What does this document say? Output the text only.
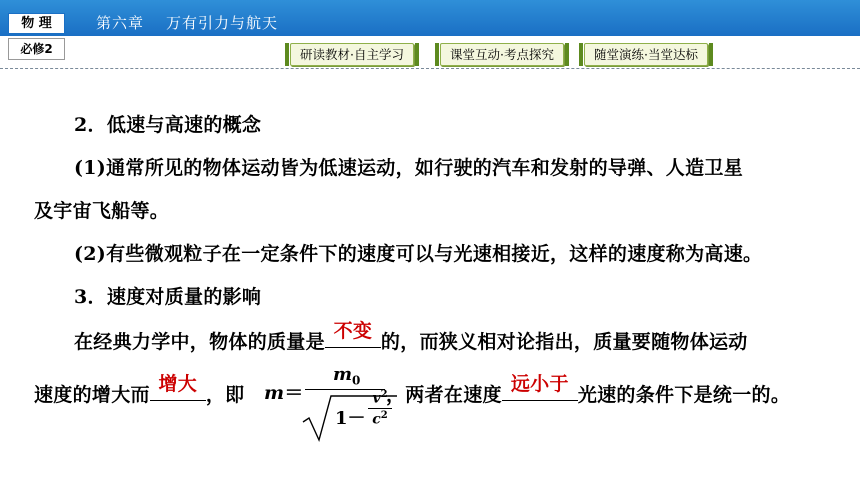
物 理	第六章 万有引力与航天
必修2	研读教材·自主学习	课堂互动·考点探究	随堂演练·当堂达标
2．低速与高速的概念
(1)通常所见的物体运动皆为低速运动，如行驶的汽车和发射的导弹、人造卫星
及宇宙飞船等。
(2)有些微观粒子在一定条件下的速度可以与光速相接近，这样的速度称为高速。
3．速度对质量的影响
在经典力学中，物体的质量是 不变 的，而狭义相对论指出，质量要随物体运动
速度的增大而 增大 ，即 m＝
$m_0$
1－
$v^2$
$c^2$
，两者在速度 远小于 光速的条件下是统一的。
